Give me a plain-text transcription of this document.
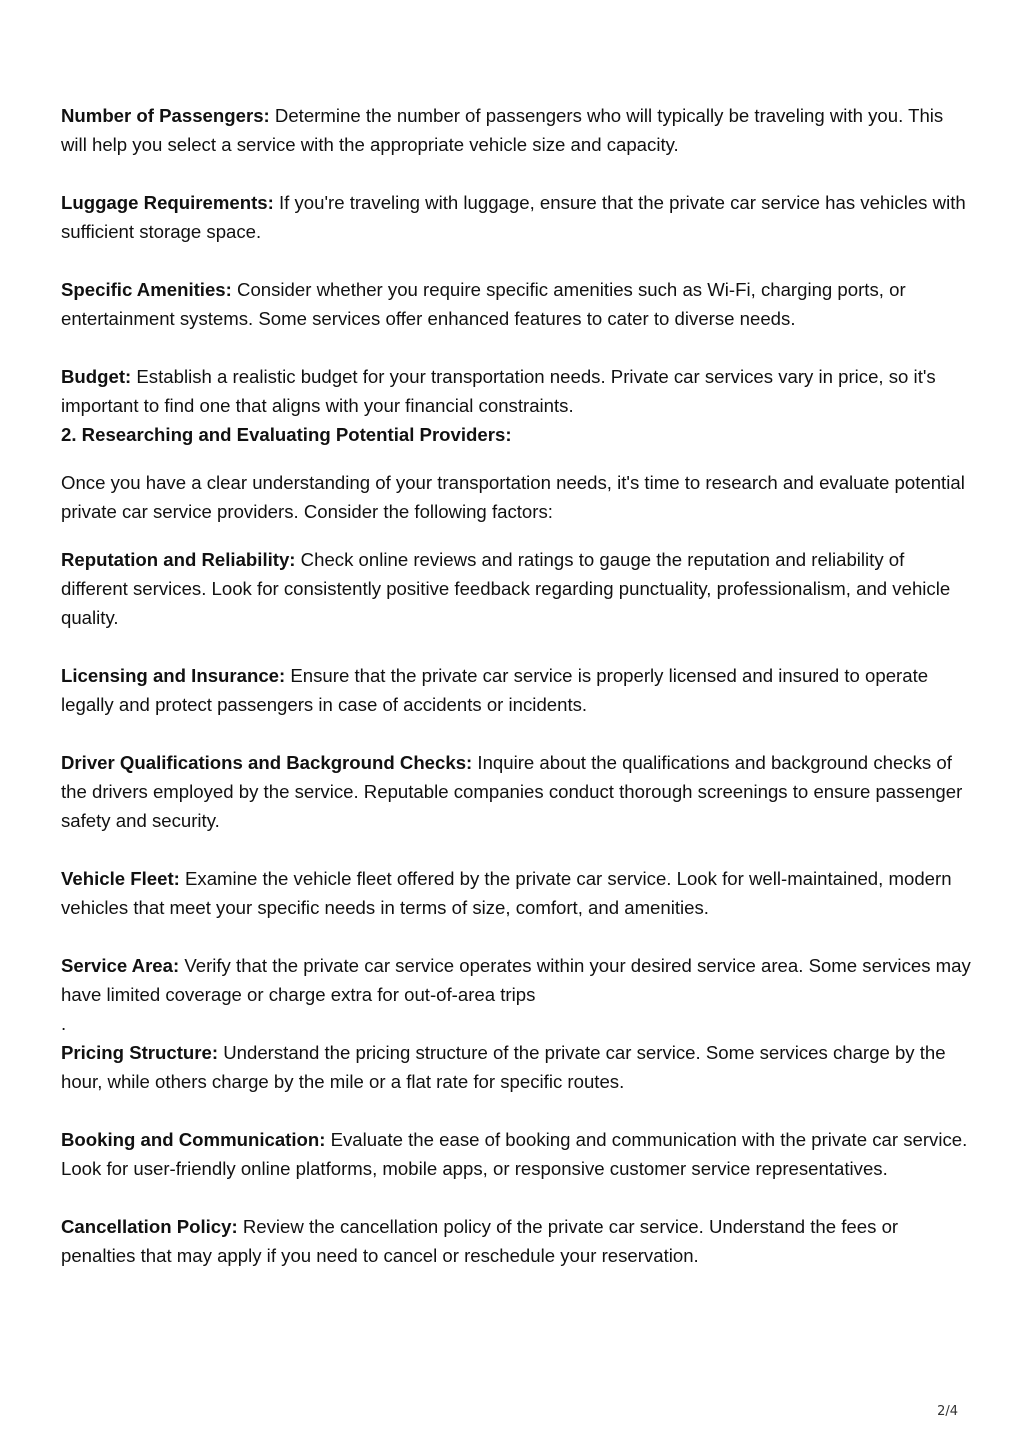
Number of Passengers: Determine the number of passengers who will typically be traveling with you. This will help you select a service with the appropriate vehicle size and capacity.

Luggage Requirements: If you're traveling with luggage, ensure that the private car service has vehicles with sufficient storage space.

Specific Amenities: Consider whether you require specific amenities such as Wi-Fi, charging ports, or entertainment systems. Some services offer enhanced features to cater to diverse needs.

Budget: Establish a realistic budget for your transportation needs. Private car services vary in price, so it's important to find one that aligns with your financial constraints.

2. Researching and Evaluating Potential Providers:

Once you have a clear understanding of your transportation needs, it's time to research and evaluate potential private car service providers. Consider the following factors:

Reputation and Reliability: Check online reviews and ratings to gauge the reputation and reliability of different services. Look for consistently positive feedback regarding punctuality, professionalism, and vehicle quality.

Licensing and Insurance: Ensure that the private car service is properly licensed and insured to operate legally and protect passengers in case of accidents or incidents.

Driver Qualifications and Background Checks: Inquire about the qualifications and background checks of the drivers employed by the service. Reputable companies conduct thorough screenings to ensure passenger safety and security.

Vehicle Fleet: Examine the vehicle fleet offered by the private car service. Look for well-maintained, modern vehicles that meet your specific needs in terms of size, comfort, and amenities.

Service Area: Verify that the private car service operates within your desired service area. Some services may have limited coverage or charge extra for out-of-area trips

.

Pricing Structure: Understand the pricing structure of the private car service. Some services charge by the hour, while others charge by the mile or a flat rate for specific routes.

Booking and Communication: Evaluate the ease of booking and communication with the private car service. Look for user-friendly online platforms, mobile apps, or responsive customer service representatives.

Cancellation Policy: Review the cancellation policy of the private car service. Understand the fees or penalties that may apply if you need to cancel or reschedule your reservation.

2/4
